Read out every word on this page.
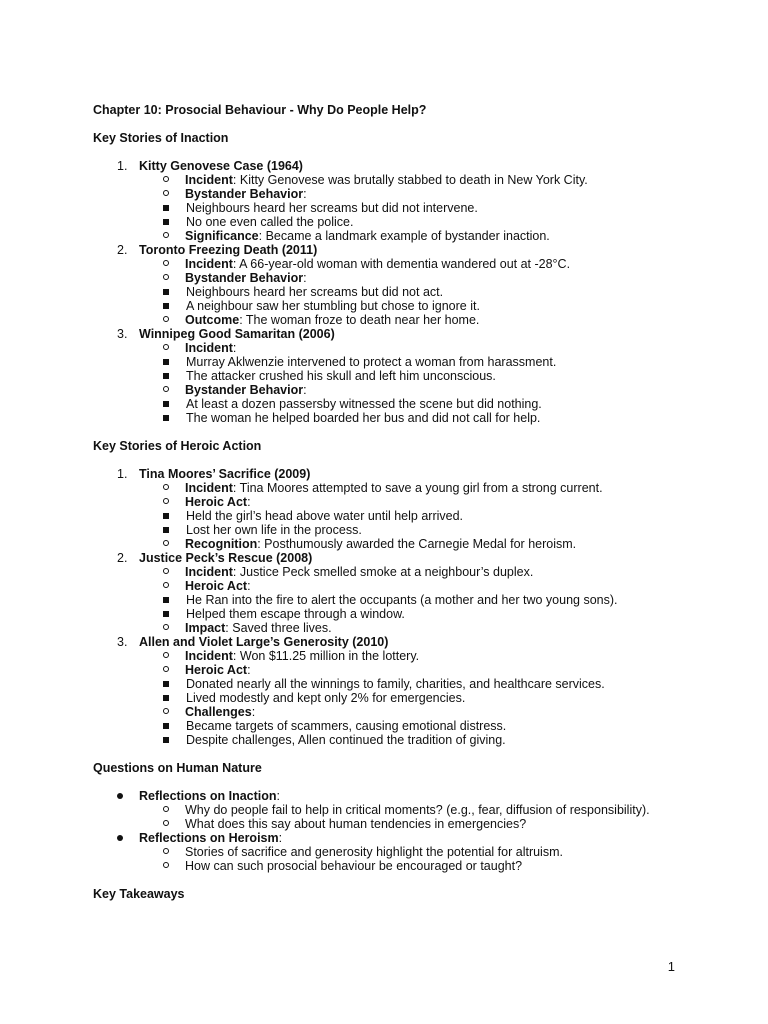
Chapter 10: Prosocial Behaviour - Why Do People Help?

Key Stories of Inaction

1. Kitty Genovese Case (1964)
Incident: Kitty Genovese was brutally stabbed to death in New York City.
Bystander Behavior:
Neighbours heard her screams but did not intervene.
No one even called the police.
Significance: Became a landmark example of bystander inaction.
2. Toronto Freezing Death (2011)
Incident: A 66-year-old woman with dementia wandered out at -28°C.
Bystander Behavior:
Neighbours heard her screams but did not act.
A neighbour saw her stumbling but chose to ignore it.
Outcome: The woman froze to death near her home.
3. Winnipeg Good Samaritan (2006)
Incident:
Murray Aklwenzie intervened to protect a woman from harassment.
The attacker crushed his skull and left him unconscious.
Bystander Behavior:
At least a dozen passersby witnessed the scene but did nothing.
The woman he helped boarded her bus and did not call for help.

Key Stories of Heroic Action

1. Tina Moores’ Sacrifice (2009)
Incident: Tina Moores attempted to save a young girl from a strong current.
Heroic Act:
Held the girl’s head above water until help arrived.
Lost her own life in the process.
Recognition: Posthumously awarded the Carnegie Medal for heroism.
2. Justice Peck’s Rescue (2008)
Incident: Justice Peck smelled smoke at a neighbour’s duplex.
Heroic Act:
He Ran into the fire to alert the occupants (a mother and her two young sons).
Helped them escape through a window.
Impact: Saved three lives.
3. Allen and Violet Large’s Generosity (2010)
Incident: Won $11.25 million in the lottery.
Heroic Act:
Donated nearly all the winnings to family, charities, and healthcare services.
Lived modestly and kept only 2% for emergencies.
Challenges:
Became targets of scammers, causing emotional distress.
Despite challenges, Allen continued the tradition of giving.

Questions on Human Nature

Reflections on Inaction:
Why do people fail to help in critical moments? (e.g., fear, diffusion of responsibility).
What does this say about human tendencies in emergencies?
Reflections on Heroism:
Stories of sacrifice and generosity highlight the potential for altruism.
How can such prosocial behaviour be encouraged or taught?

Key Takeaways

1
